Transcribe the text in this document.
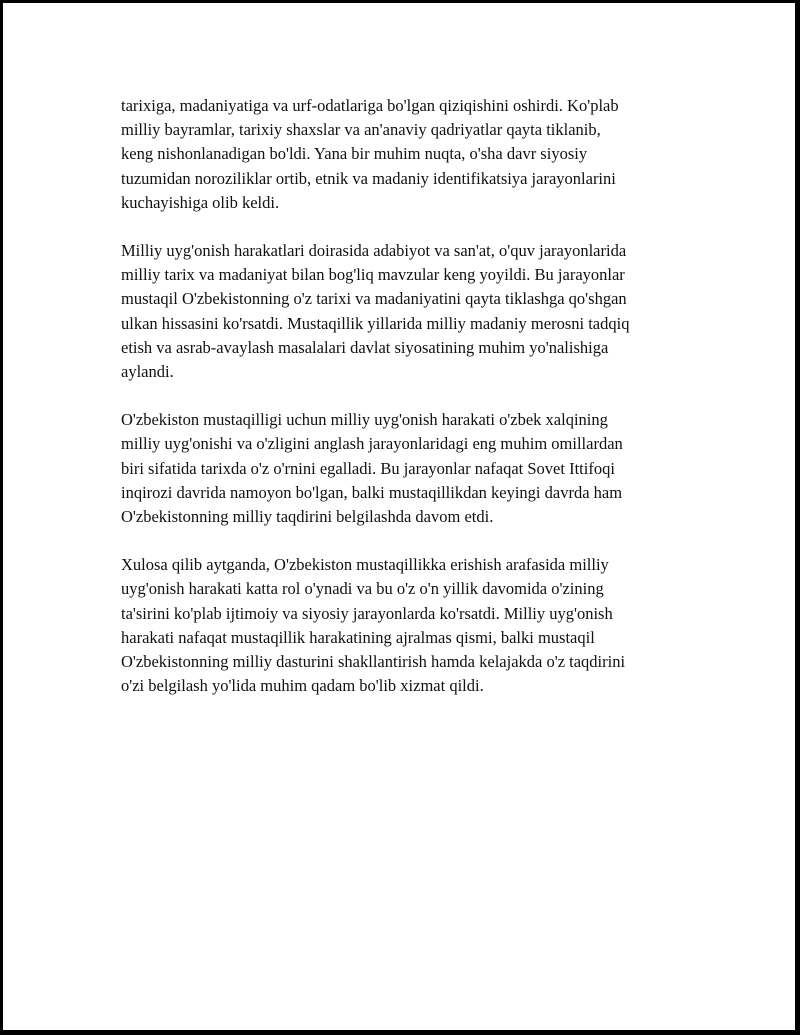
tarixiga, madaniyatiga va urf-odatlariga bo'lgan qiziqishini oshirdi. Ko'plab
milliy bayramlar, tarixiy shaxslar va an'anaviy qadriyatlar qayta tiklanib,
keng nishonlanadigan bo'ldi. Yana bir muhim nuqta, o'sha davr siyosiy
tuzumidan noroziliklar ortib, etnik va madaniy identifikatsiya jarayonlarini
kuchayishiga olib keldi.

Milliy uyg'onish harakatlari doirasida adabiyot va san'at, o'quv jarayonlarida
milliy tarix va madaniyat bilan bog'liq mavzular keng yoyildi. Bu jarayonlar
mustaqil O'zbekistonning o'z tarixi va madaniyatini qayta tiklashga qo'shgan
ulkan hissasini ko'rsatdi. Mustaqillik yillarida milliy madaniy merosni tadqiq
etish va asrab-avaylash masalalari davlat siyosatining muhim yo'nalishiga
aylandi.

O'zbekiston mustaqilligi uchun milliy uyg'onish harakati o'zbek xalqining
milliy uyg'onishi va o'zligini anglash jarayonlaridagi eng muhim omillardan
biri sifatida tarixda o'z o'rnini egalladi. Bu jarayonlar nafaqat Sovet Ittifoqi
inqirozi davrida namoyon bo'lgan, balki mustaqillikdan keyingi davrda ham
O'zbekistonning milliy taqdirini belgilashda davom etdi.

Xulosa qilib aytganda, O'zbekiston mustaqillikka erishish arafasida milliy
uyg'onish harakati katta rol o'ynadi va bu o'z o'n yillik davomida o'zining
ta'sirini ko'plab ijtimoiy va siyosiy jarayonlarda ko'rsatdi. Milliy uyg'onish
harakati nafaqat mustaqillik harakatining ajralmas qismi, balki mustaqil
O'zbekistonning milliy dasturini shakllantirish hamda kelajakda o'z taqdirini
o'zi belgilash yo'lida muhim qadam bo'lib xizmat qildi.
